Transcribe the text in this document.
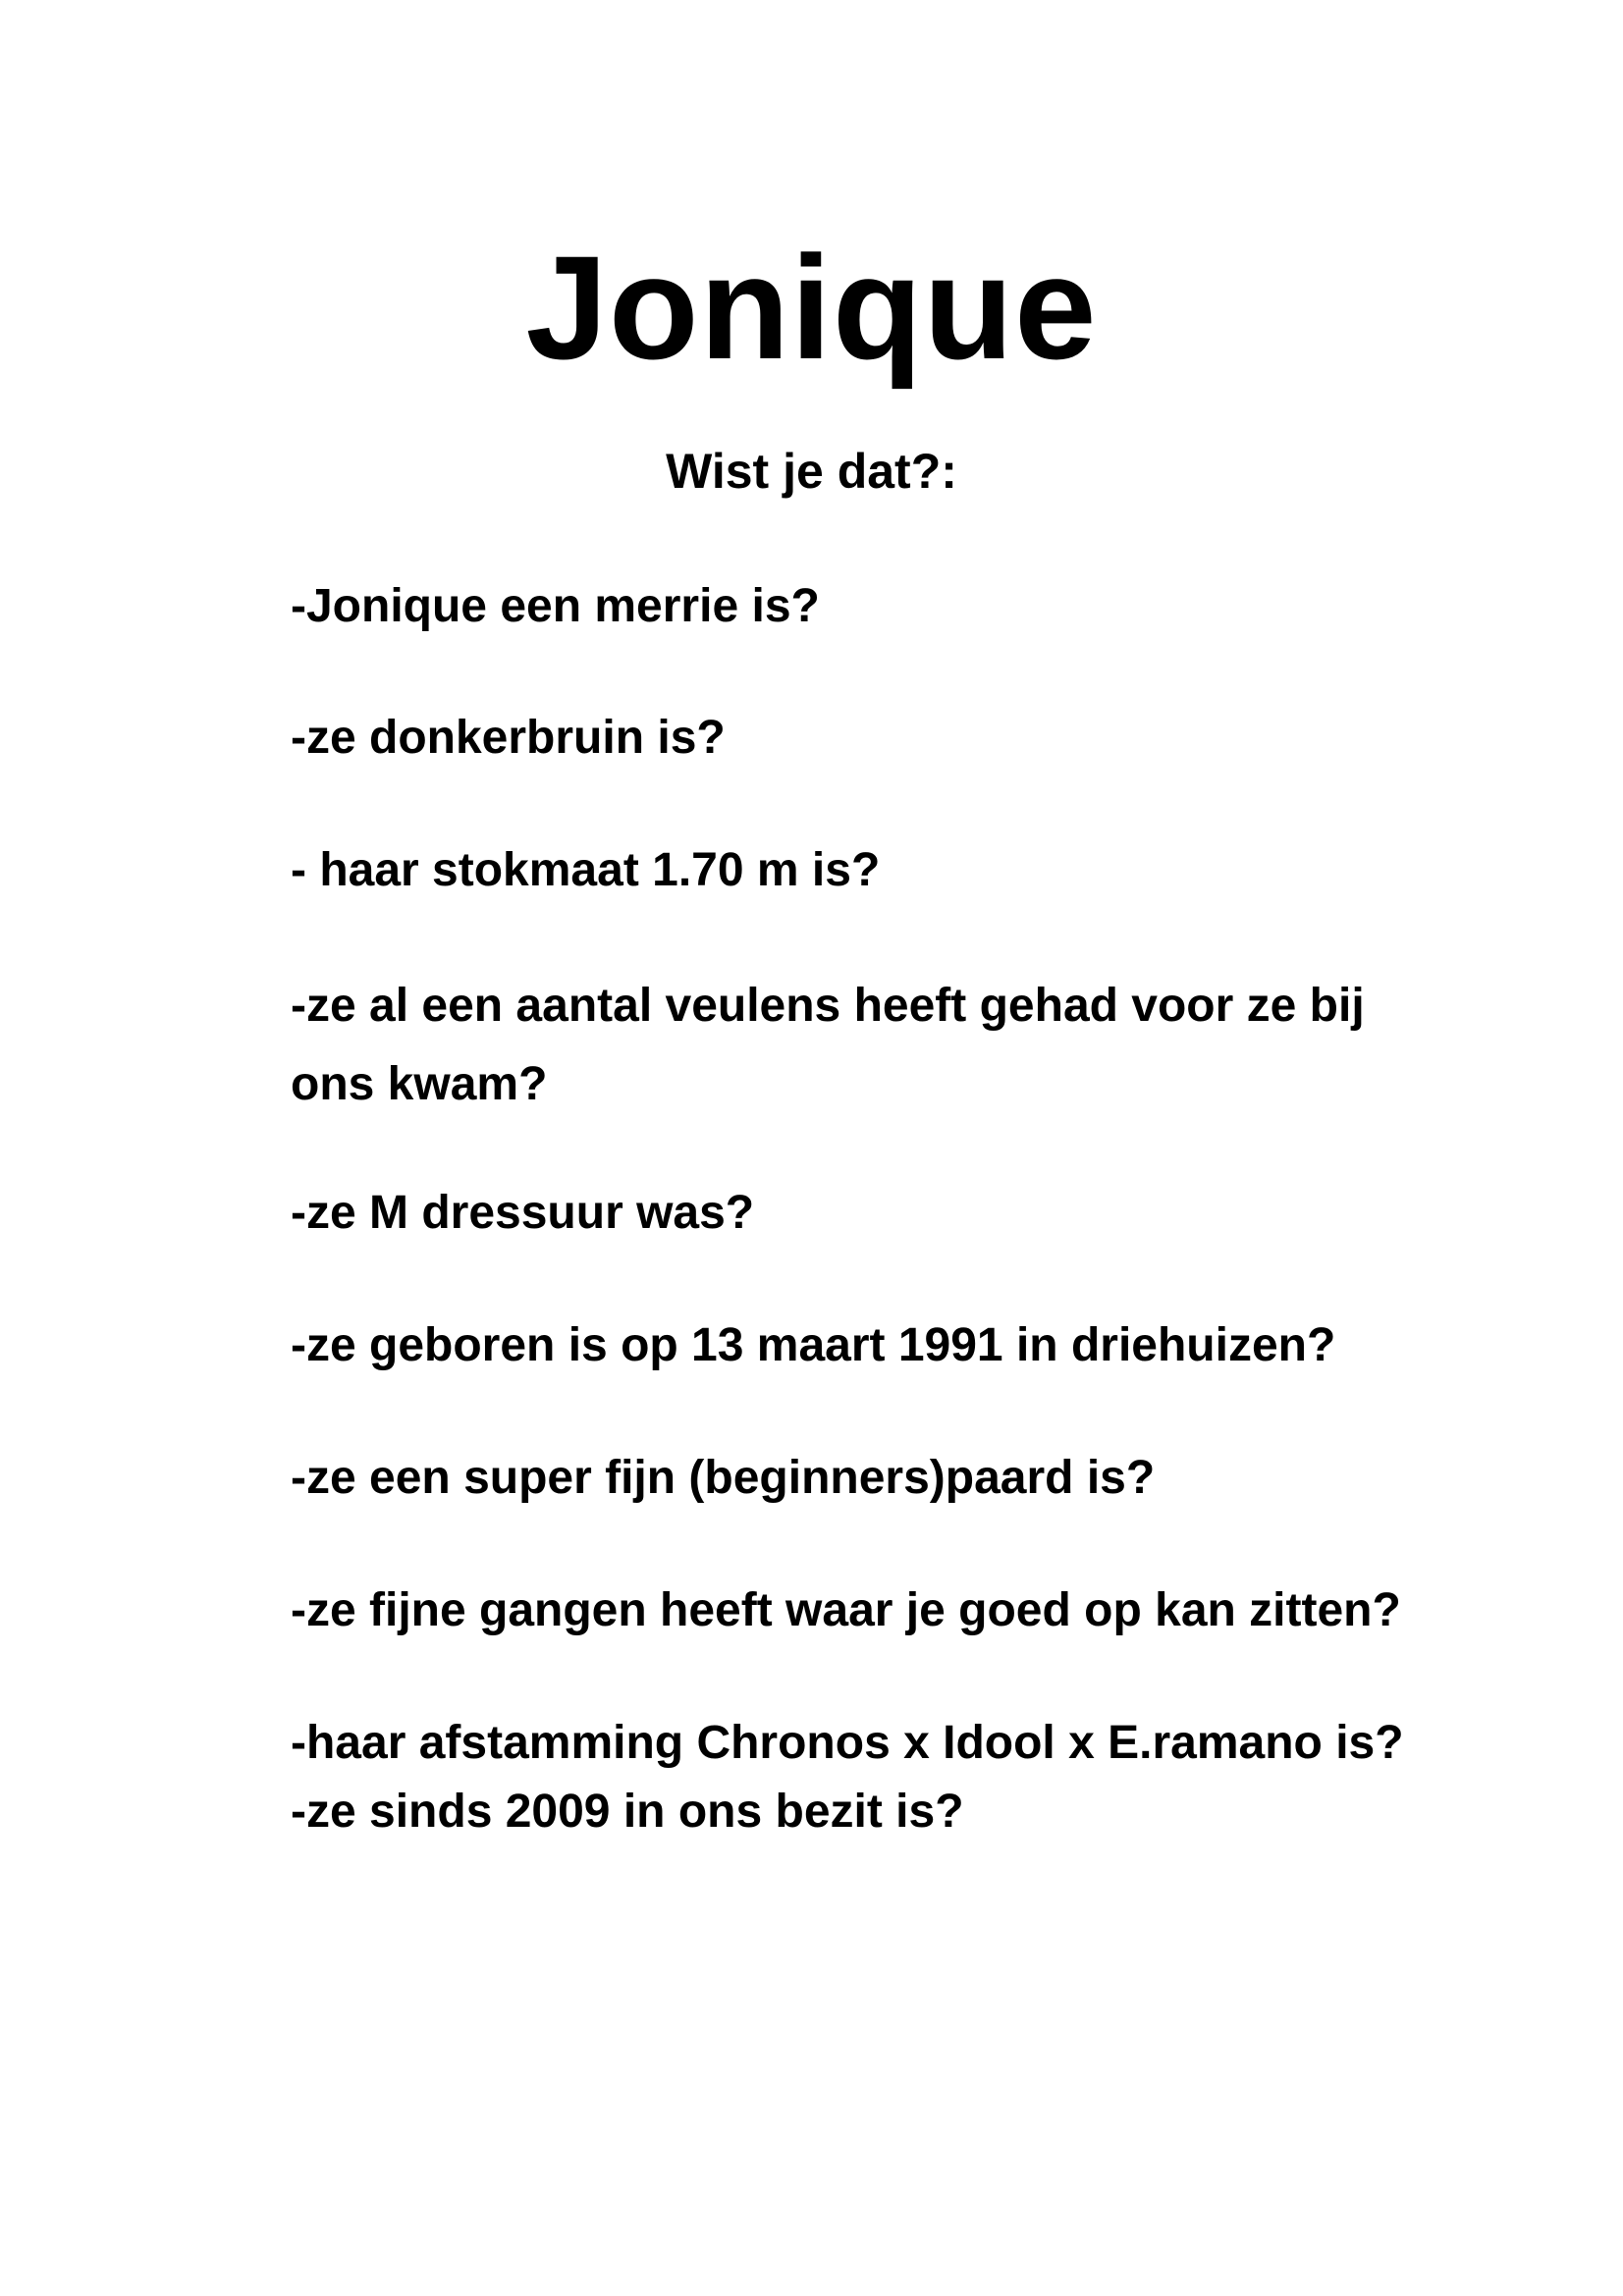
Jonique
Wist je dat?:
-Jonique een merrie is?
-ze donkerbruin is?
- haar stokmaat 1.70 m is?
-ze al een aantal veulens heeft gehad voor ze bij ons kwam?
-ze M dressuur was?
-ze geboren is op 13 maart 1991 in driehuizen?
-ze een super fijn (beginners)paard is?
-ze fijne gangen heeft waar je goed op kan zitten?
-haar afstamming Chronos x Idool x E.ramano is?
-ze sinds 2009 in ons bezit is?
